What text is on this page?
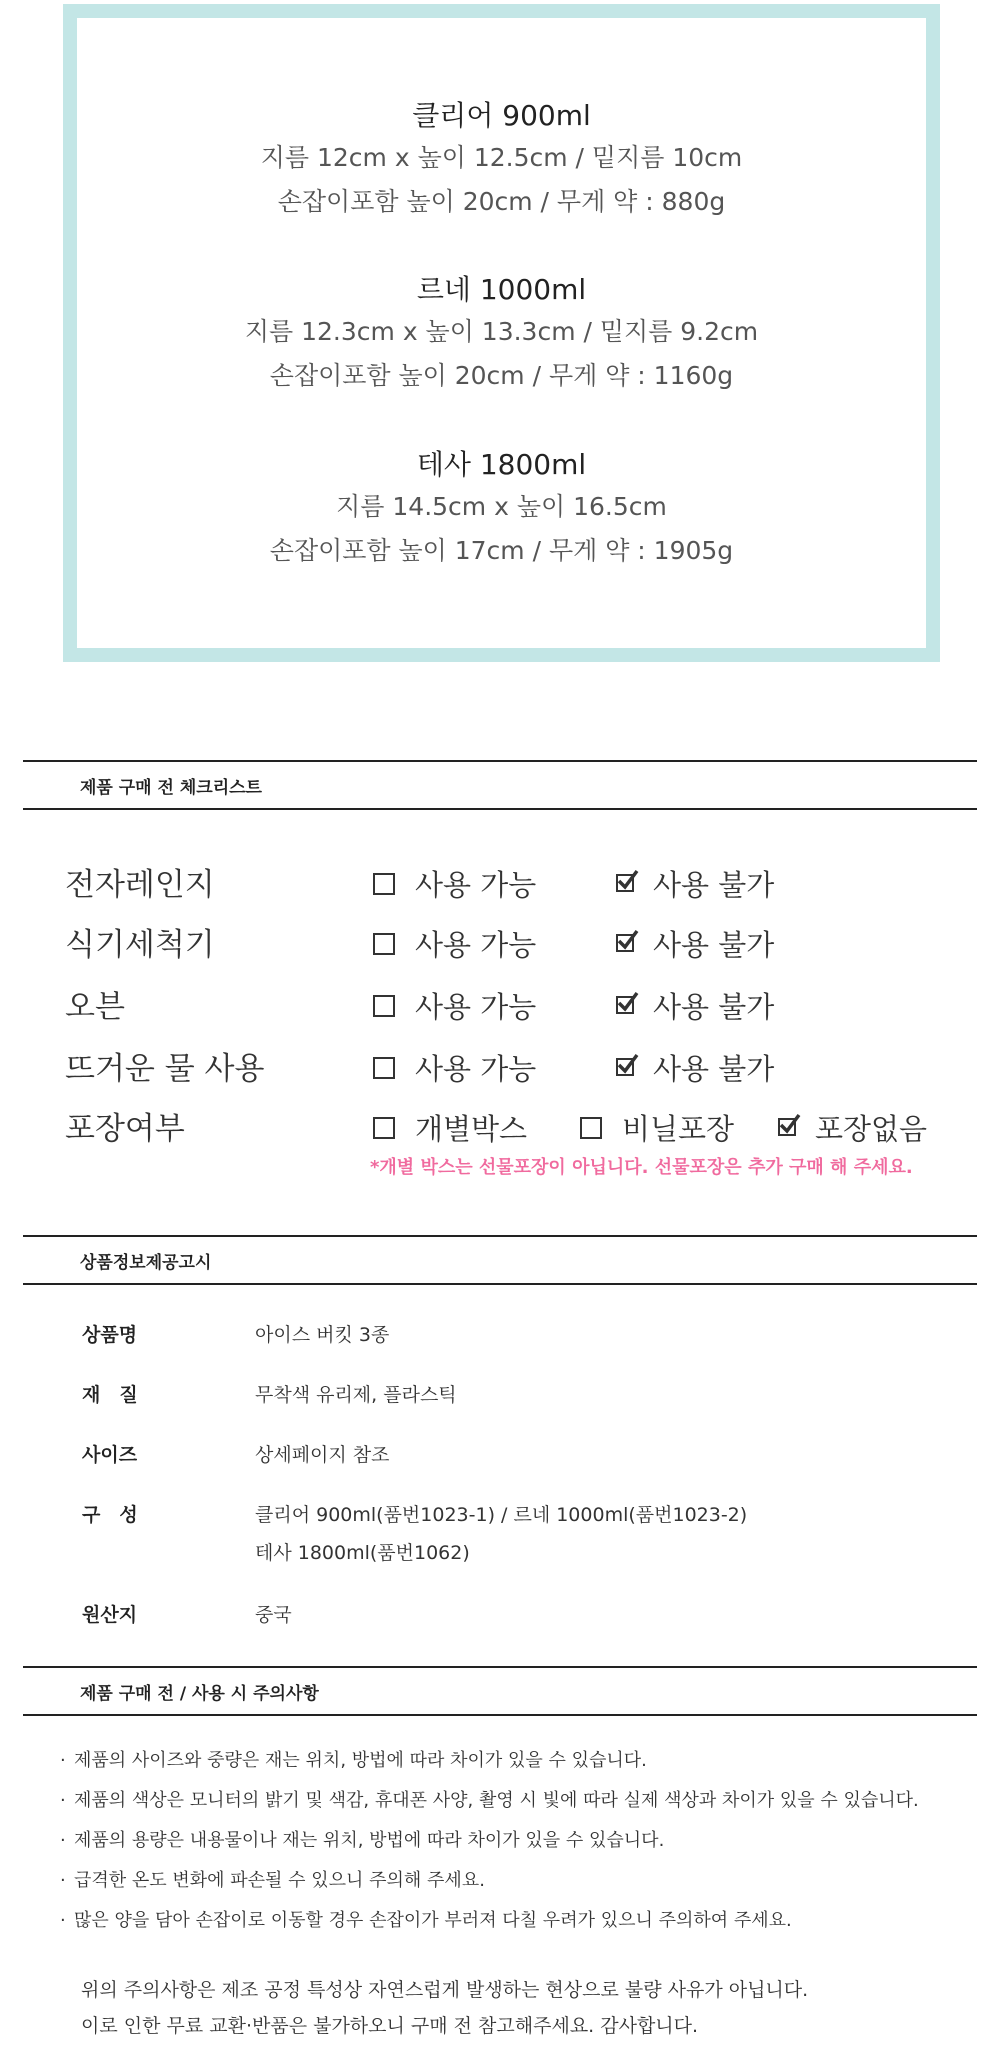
클리어 900ml
지름 12cm x 높이 12.5cm / 밑지름 10cm
손잡이포함 높이 20cm / 무게 약 : 880g
르네 1000ml
지름 12.3cm x 높이 13.3cm / 밑지름 9.2cm
손잡이포함 높이 20cm / 무게 약 : 1160g
테사 1800ml
지름 14.5cm x 높이 16.5cm
손잡이포함 높이 17cm / 무게 약 : 1905g
제품 구매 전 체크리스트
전자레인지	사용 가능	사용 불가
식기세척기	사용 가능	사용 불가
오븐	사용 가능	사용 불가
뜨거운 물 사용	사용 가능	사용 불가
포장여부	개별박스	비닐포장	포장없음
*개별 박스는 선물포장이 아닙니다. 선물포장은 추가 구매 해 주세요.
상품정보제공고시
상품명	아이스 버킷 3종
재　질	무착색 유리제, 플라스틱
사이즈	상세페이지 참조
구　성	클리어 900ml(품번1023-1) / 르네 1000ml(품번1023-2)
테사 1800ml(품번1062)
원산지	중국
제품 구매 전 / 사용 시 주의사항
· 제품의 사이즈와 중량은 재는 위치, 방법에 따라 차이가 있을 수 있습니다.
· 제품의 색상은 모니터의 밝기 및 색감, 휴대폰 사양, 촬영 시 빛에 따라 실제 색상과 차이가 있을 수 있습니다.
· 제품의 용량은 내용물이나 재는 위치, 방법에 따라 차이가 있을 수 있습니다.
· 급격한 온도 변화에 파손될 수 있으니 주의해 주세요.
· 많은 양을 담아 손잡이로 이동할 경우 손잡이가 부러져 다칠 우려가 있으니 주의하여 주세요.
위의 주의사항은 제조 공정 특성상 자연스럽게 발생하는 현상으로 불량 사유가 아닙니다.
이로 인한 무료 교환·반품은 불가하오니 구매 전 참고해주세요. 감사합니다.
